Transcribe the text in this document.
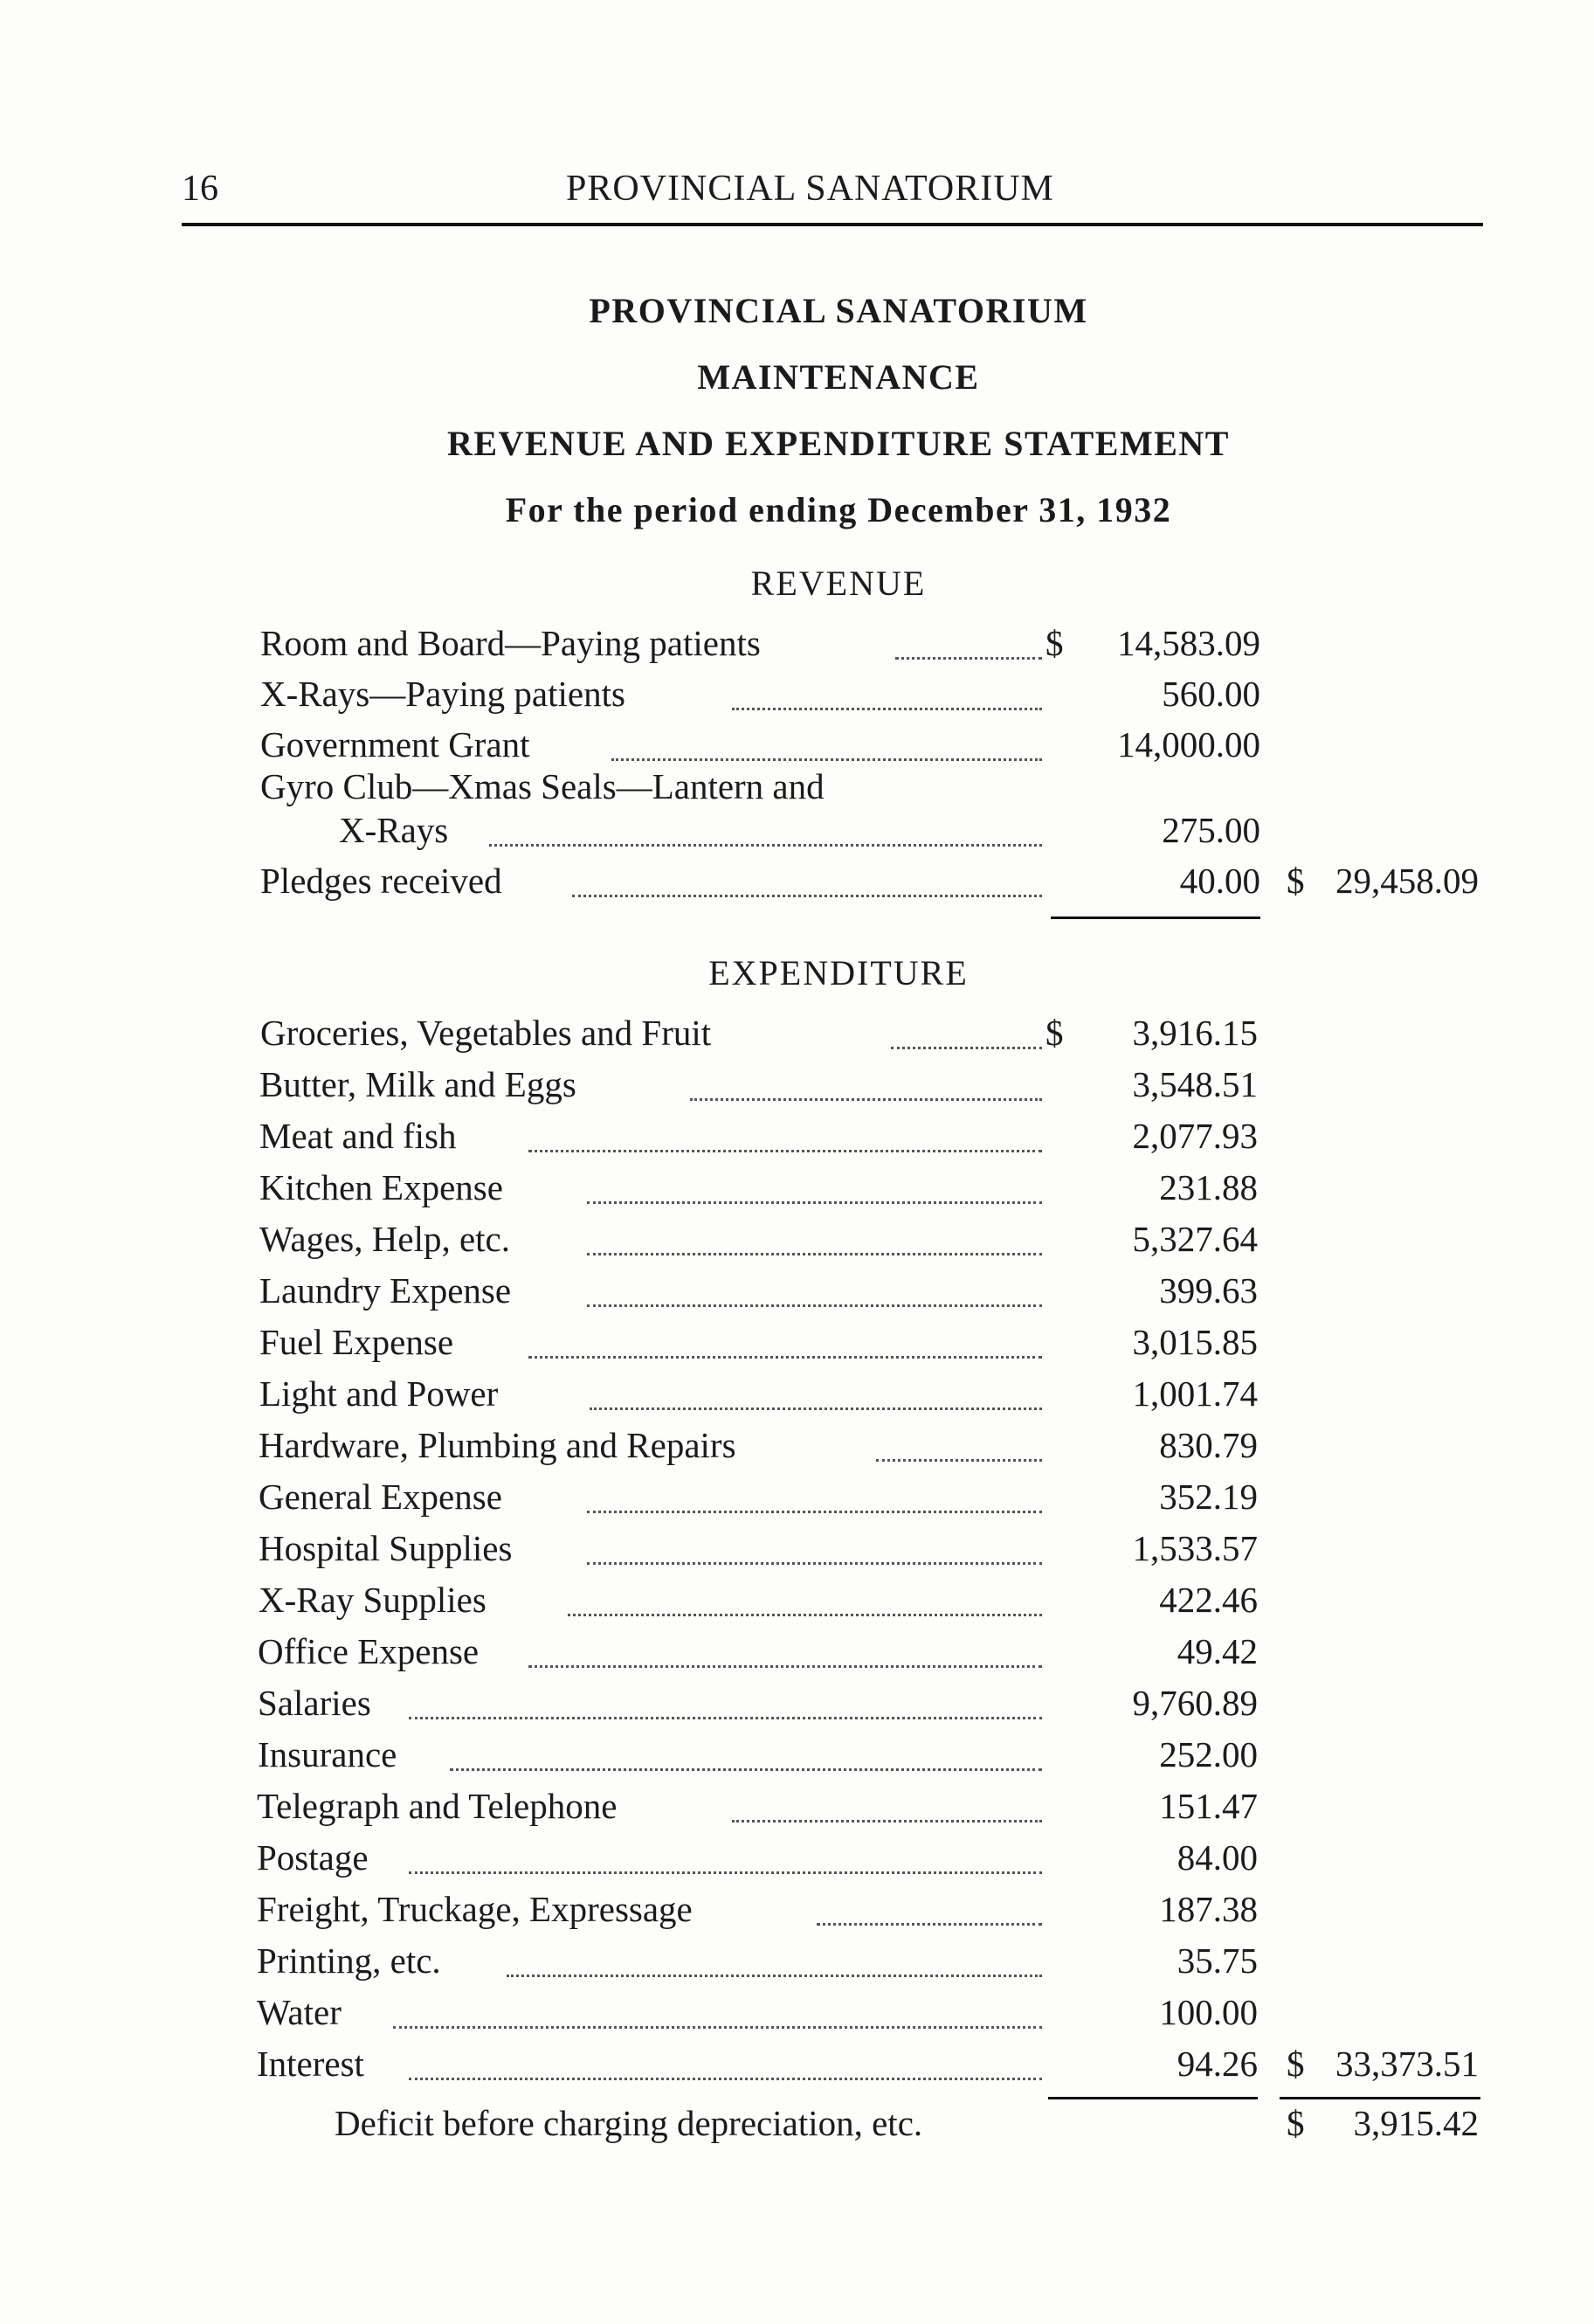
16	PROVINCIAL SANATORIUM
PROVINCIAL SANATORIUM
MAINTENANCE
REVENUE AND EXPENDITURE STATEMENT
For the period ending December 31, 1932
REVENUE
Room and Board—Paying patients	$	14,583.09
X-Rays—Paying patients	560.00
Government Grant	14,000.00
Gyro Club—Xmas Seals—Lantern and
X-Rays	275.00
Pledges received	40.00 $ 29,458.09
EXPENDITURE
Groceries, Vegetables and Fruit	$	3,916.15
Butter, Milk and Eggs	3,548.51
Meat and fish	2,077.93
Kitchen Expense	231.88
Wages, Help, etc.	5,327.64
Laundry Expense	399.63
Fuel Expense	3,015.85
Light and Power	1,001.74
Hardware, Plumbing and Repairs	830.79
General Expense	352.19
Hospital Supplies	1,533.57
X-Ray Supplies	422.46
Office Expense	49.42
Salaries	9,760.89
Insurance	252.00
Telegraph and Telephone	151.47
Postage	84.00
Freight, Truckage, Expressage	187.38
Printing, etc.	35.75
Water	100.00
Interest	94.26 $ 33,373.51
Deficit before charging depreciation, etc.	$	3,915.42
